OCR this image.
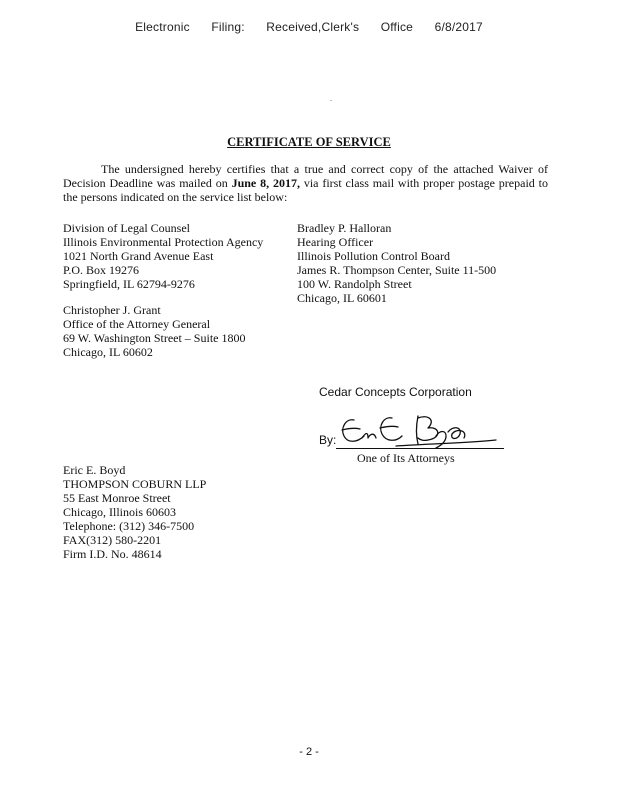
Electronic Filing: Received,Clerk's Office 6/8/2017
.
CERTIFICATE OF SERVICE
The undersigned hereby certifies that a true and correct copy of the attached Waiver of Decision Deadline was mailed on June 8, 2017, via first class mail with proper postage prepaid to the persons indicated on the service list below:
Division of Legal Counsel
Illinois Environmental Protection Agency
1021 North Grand Avenue East
P.O. Box 19276
Springfield, IL 62794-9276
Bradley P. Halloran
Hearing Officer
Illinois Pollution Control Board
James R. Thompson Center, Suite 11-500
100 W. Randolph Street
Chicago, IL 60601
Christopher J. Grant
Office of the Attorney General
69 W. Washington Street – Suite 1800
Chicago, IL 60602
Cedar Concepts Corporation
By:
One of Its Attorneys
Eric E. Boyd
THOMPSON COBURN LLP
55 East Monroe Street
Chicago, Illinois 60603
Telephone: (312) 346-7500
FAX(312) 580-2201
Firm I.D. No. 48614
- 2 -
